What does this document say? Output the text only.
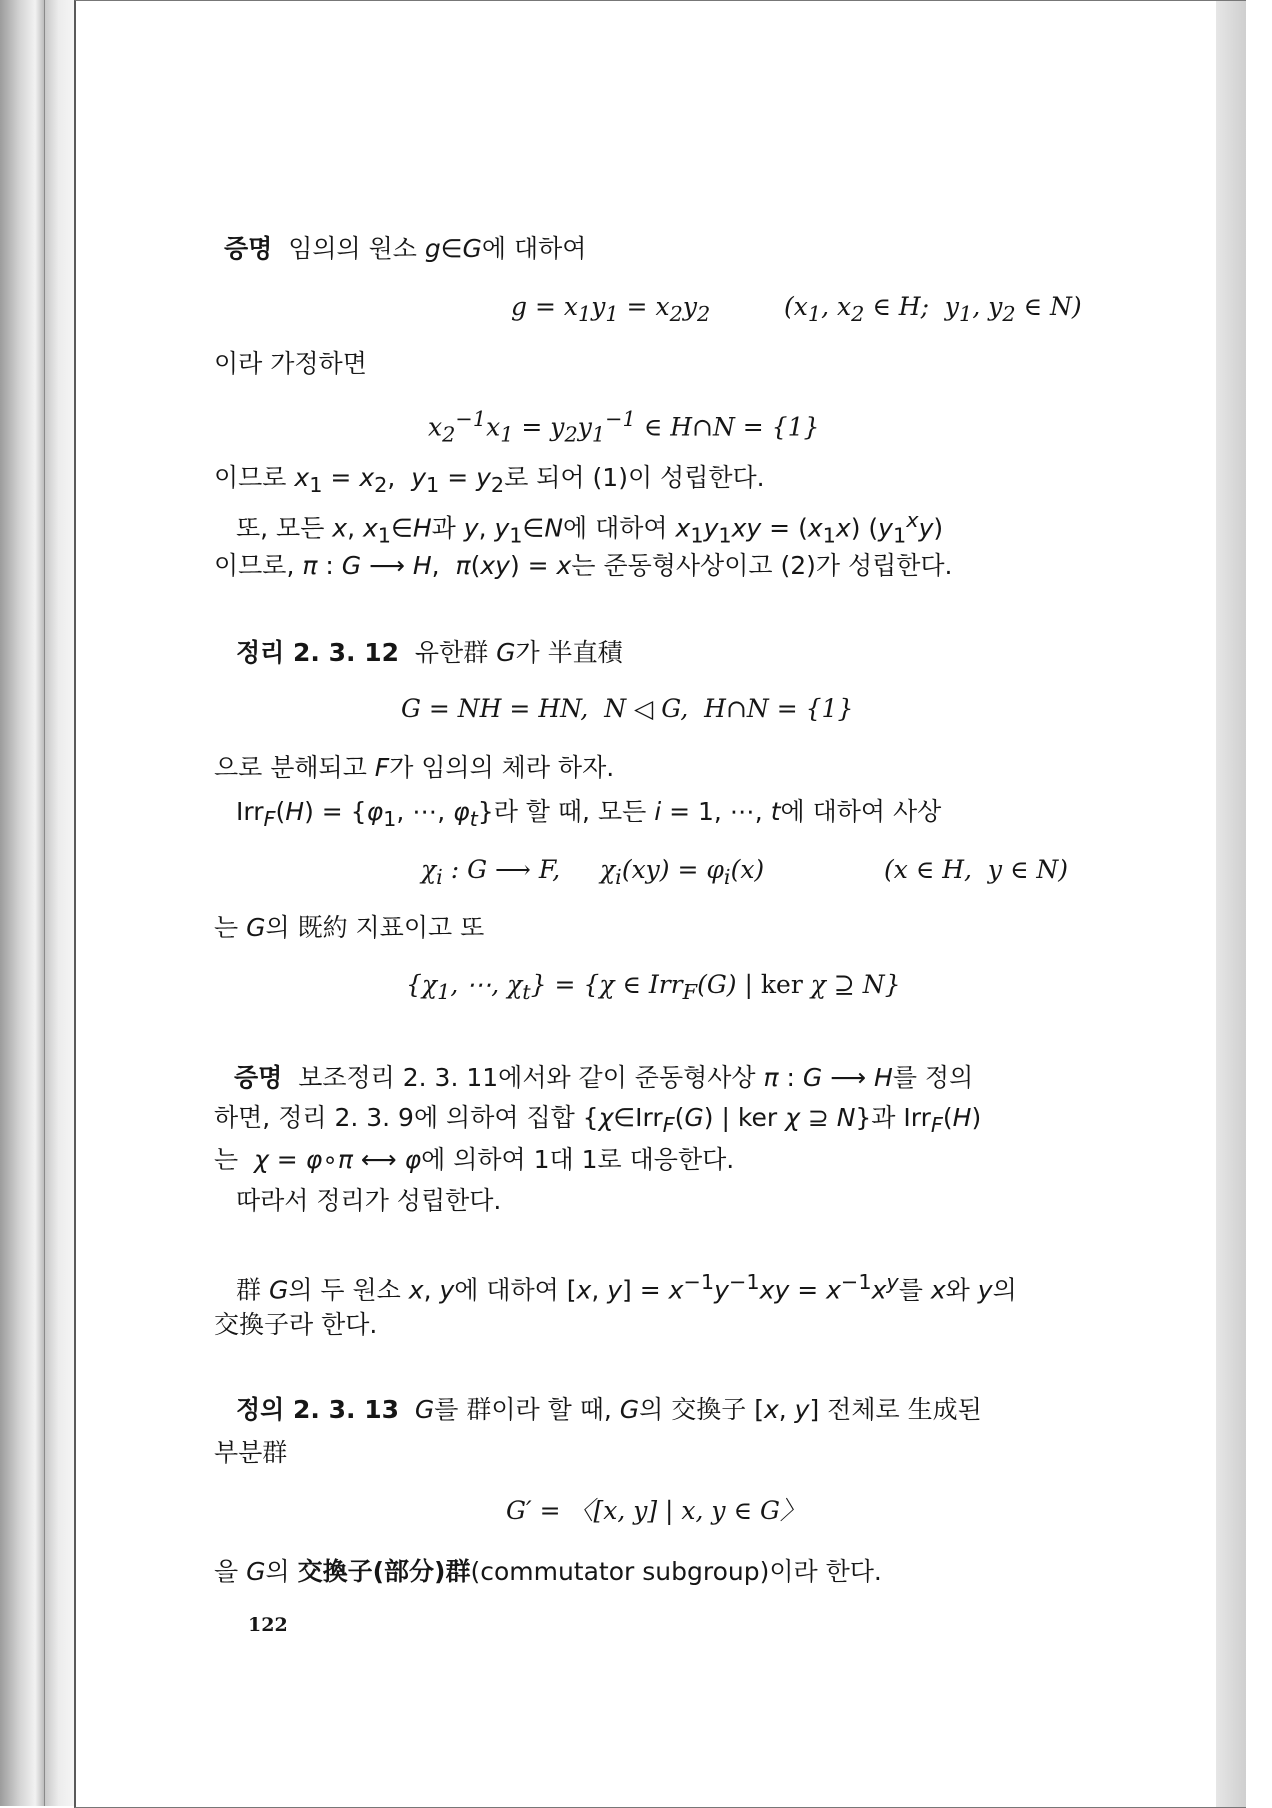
122
증명  임의의 원소 g∈G에 대하여
$g = x_1y_1 = x_2y_2$	($x_1$, $x_2$ ∈ H;  $y_1$, $y_2$ ∈ N)
이라 가정하면
$x_2^{-1}x_1 = y_2y_1^{-1}$ ∈ H∩N = {1}
이므로 $x_1 = x_2$,  $y_1 = y_2$로 되어 (1)이 성립한다.
또, 모든 x, $x_1\in H$과 y, $y_1\in N$에 대하여 $x_1y_1xy = (x_1x)$ $(y_1^xy)$
이므로, π : G ⟶ H,  π(xy) = x는 준동형사상이고 (2)가 성립한다.
정리 2. 3. 12  유한群 G가 半直積
G = NH = HN,  N ◁ G,  H∩N = {1}
으로 분해되고 F가 임의의 체라 하자.
$Irr_F(H) = \{\varphi_1$, ⋯, $\varphi_t$}라 할 때, 모든 i = 1, ⋯, t에 대하여 사상
$\chi_i$ : G ⟶ F,     $\chi_i(xy) = \varphi_i(x)$	(x ∈ H,  y ∈ N)
는 G의 既約 지표이고 또
{$\chi_1$, ⋯, $\chi_t\} = \{\chi$ ∈ Irr$_F$(G) | ker χ ⊇ N}
증명  보조정리 2. 3. 11에서와 같이 준동형사상 π : G ⟶ H를 정의
하면, 정리 2. 3. 9에 의하여 집합 {χ∈Irr$_F$(G) | ker χ ⊇ N}과 Irr$_F$(H)
는  χ = φ∘π ⟷ φ에 의하여 1대 1로 대응한다.
따라서 정리가 성립한다.
群 G의 두 원소 x, y에 대하여 [x, $y] = x^{-1}y^{-1}xy = x^{-1}x^y$를 x와 y의
交換子라 한다.
정의 2. 3. 13 G를 群이라 할 때, G의 交換子 [x, y] 전체로 生成된
부분群
G′ = 〈[x, y] | x, y ∈ G〉
을 G의 交換子(部分)群(commutator subgroup)이라 한다.
